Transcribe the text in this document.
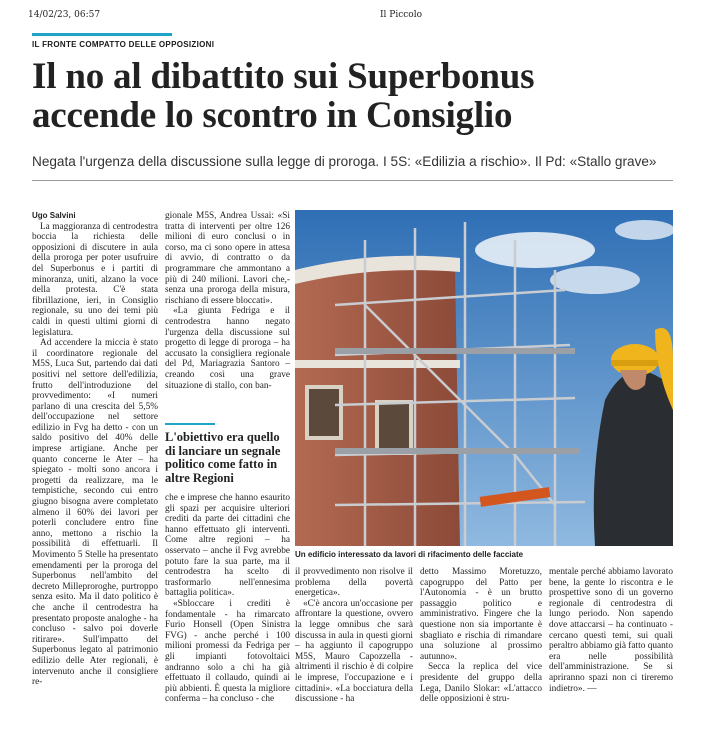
14/02/23, 06:57	Il Piccolo
IL FRONTE COMPATTO DELLE OPPOSIZIONI
Il no al dibattito sui Superbonus
accende lo scontro in Consiglio
Negata l'urgenza della discussione sulla legge di proroga. I 5S: «Edilizia a rischio». Il Pd: «Stallo grave»

Ugo Salvini

La maggioranza di centrodestra boccia la richiesta delle opposizioni di discutere in aula della proroga per poter usufruire del Superbonus e i partiti di minoranza, uniti, alzano la voce della protesta. C'è stata fibrillazione, ieri, in Consiglio regionale, su uno dei temi più caldi in questi ultimi giorni di legislatura.

Ad accendere la miccia è stato il coordinatore regionale del M5S, Luca Sut, partendo dai dati positivi nel settore dell'edilizia, frutto dell'introduzione del provvedimento: «I numeri parlano di una crescita del 5,5% dell'occupazione nel settore edilizio in Fvg ha detto - con un saldo positivo del 40% delle imprese artigiane. Anche per quanto concerne le Ater – ha spiegato - molti sono ancora i progetti da realizzare, ma le tempistiche, secondo cui entro giugno bisogna avere completato almeno il 60% dei lavori per poterli concludere entro fine anno, mettono a rischio la possibilità di effettuarli. Il Movimento 5 Stelle ha presentato emendamenti per la proroga del Superbonus nell'ambito del decreto Milleproroghe, purtroppo senza esito. Ma il dato politico è che anche il centrodestra ha presentato proposte analoghe - ha concluso - salvo poi doverle ritirare». Sull'impatto del Superbonus legato al patrimonio edilizio delle Ater regionali, è intervenuto anche il consigliere re-

gionale M5S, Andrea Ussai: «Si tratta di interventi per oltre 126 milioni di euro conclusi o in corso, ma ci sono opere in attesa di avvio, di contratto o da programmare che ammontano a più di 240 milioni. Lavori che,- senza una proroga della misura, rischiano di essere bloccati».

«La giunta Fedriga e il centrodestra hanno negato l'urgenza della discussione sul progetto di legge di proroga – ha accusato la consigliera regionale del Pd, Mariagrazia Santoro – creando così una grave situazione di stallo, con ban-

L'obiettivo era quello di lanciare un segnale politico come fatto in altre Regioni

che e imprese che hanno esaurito gli spazi per acquisire ulteriori crediti da parte dei cittadini che hanno effettuato gli interventi. Come altre regioni – ha osservato – anche il Fvg avrebbe potuto fare la sua parte, ma il centrodestra ha scelto di trasformarlo nell'ennesima battaglia politica».

«Sbloccare i crediti è fondamentale - ha rimarcato Furio Honsell (Open Sinistra FVG) - anche perché i 100 milioni promessi da Fedriga per gli impianti fotovoltaici andranno solo a chi ha già effettuato il collaudo, quindi ai più abbienti. È questa la migliore conferma – ha concluso - che

Un edificio interessato da lavori di rifacimento delle facciate

il provvedimento non risolve il problema della povertà energetica».

«C'è ancora un'occasione per affrontare la questione, ovvero la legge omnibus che sarà discussa in aula in questi giorni – ha aggiunto il capogruppo M5S, Mauro Capozzella - altrimenti il rischio è di colpire le imprese, l'occupazione e i cittadini». «La bocciatura della discussione - ha

detto Massimo Moretuzzo, capogruppo del Patto per l'Autonomia - è un brutto passaggio politico e amministrativo. Fingere che la questione non sia importante è sbagliato e rischia di rimandare una soluzione al prossimo autunno».

Secca la replica del vice presidente del gruppo della Lega, Danilo Slokar: «L'attacco delle opposizioni è stru-

mentale perché abbiamo lavorato bene, la gente lo riscontra e le prospettive sono di un governo regionale di centrodestra di lungo periodo. Non sapendo dove attaccarsi – ha continuato - cercano questi temi, sui quali peraltro abbiamo già fatto quanto era nelle possibilità dell'amministrazione. Se si apriranno spazi non ci tireremo indietro». —
